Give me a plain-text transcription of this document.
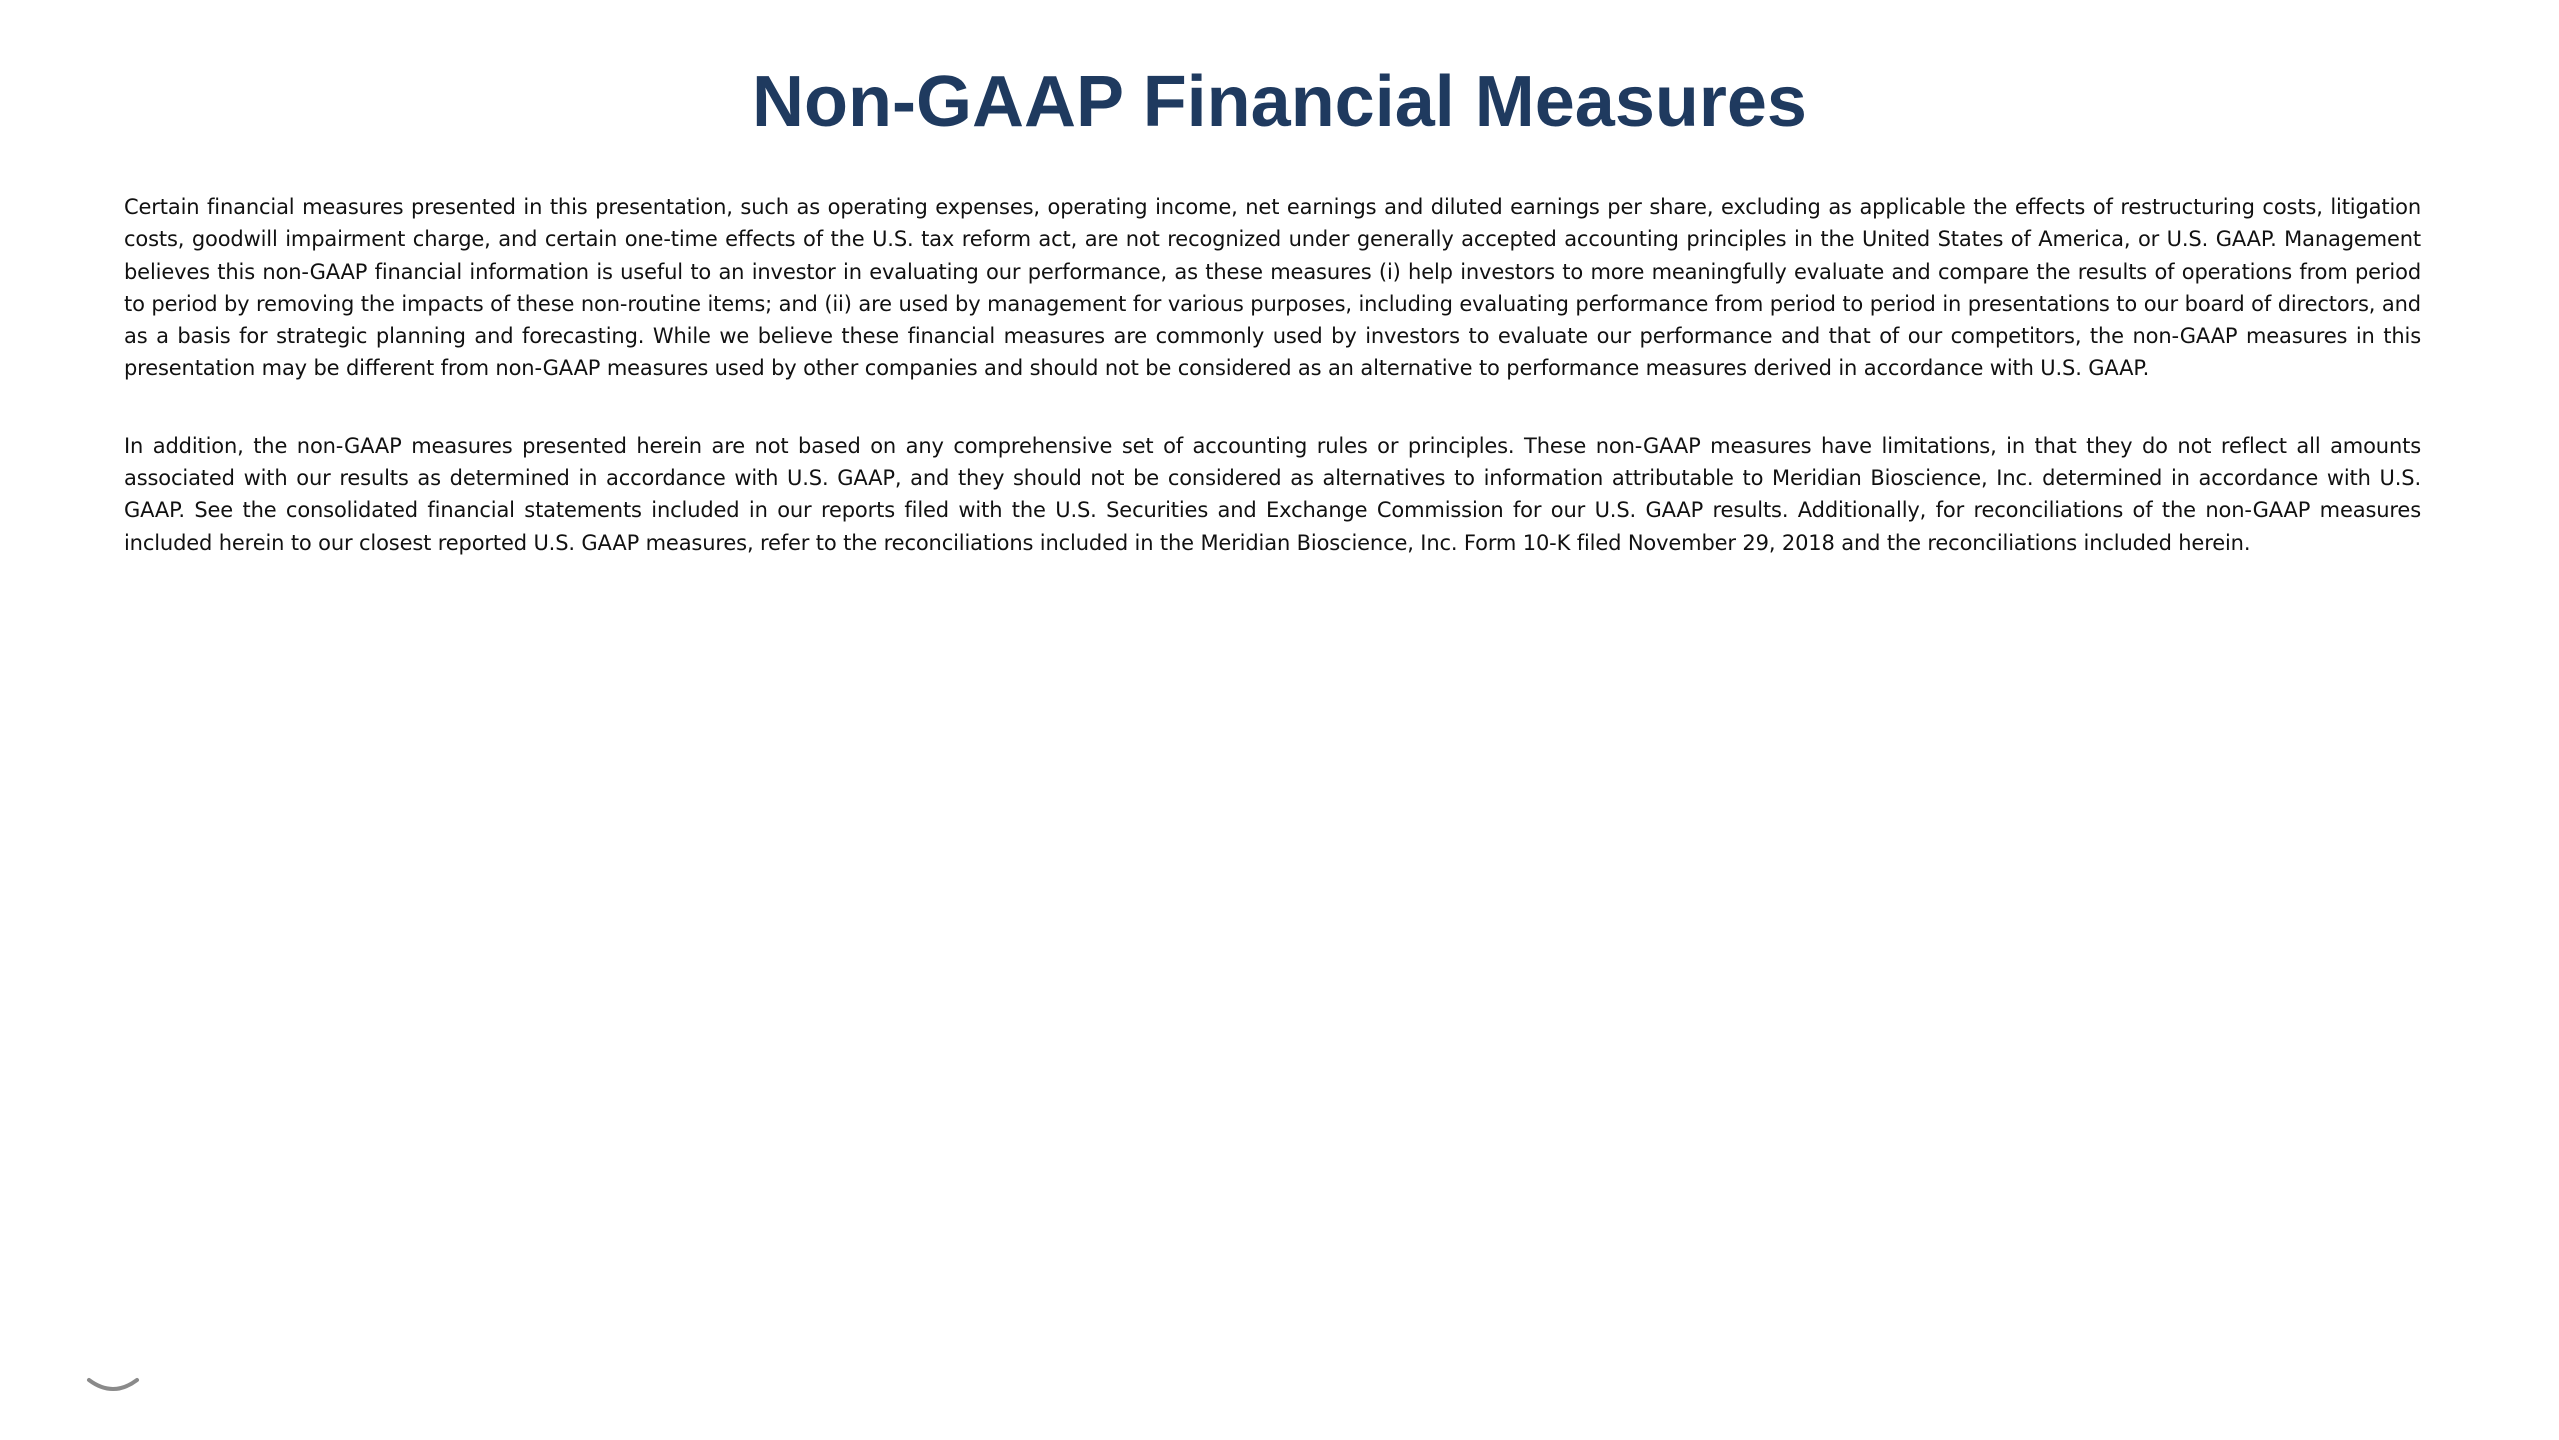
Non-GAAP Financial Measures

Certain financial measures presented in this presentation, such as operating expenses, operating income, net earnings and diluted earnings per share, excluding as applicable the effects of restructuring costs, litigation costs, goodwill impairment charge, and certain one-time effects of the U.S. tax reform act, are not recognized under generally accepted accounting principles in the United States of America, or U.S. GAAP. Management believes this non-GAAP financial information is useful to an investor in evaluating our performance, as these measures (i) help investors to more meaningfully evaluate and compare the results of operations from period to period by removing the impacts of these non-routine items; and (ii) are used by management for various purposes, including evaluating performance from period to period in presentations to our board of directors, and as a basis for strategic planning and forecasting. While we believe these financial measures are commonly used by investors to evaluate our performance and that of our competitors, the non-GAAP measures in this presentation may be different from non-GAAP measures used by other companies and should not be considered as an alternative to performance measures derived in accordance with U.S. GAAP.

In addition, the non-GAAP measures presented herein are not based on any comprehensive set of accounting rules or principles. These non-GAAP measures have limitations, in that they do not reflect all amounts associated with our results as determined in accordance with U.S. GAAP, and they should not be considered as alternatives to information attributable to Meridian Bioscience, Inc. determined in accordance with U.S. GAAP. See the consolidated financial statements included in our reports filed with the U.S. Securities and Exchange Commission for our U.S. GAAP results. Additionally, for reconciliations of the non-GAAP measures included herein to our closest reported U.S. GAAP measures, refer to the reconciliations included in the Meridian Bioscience, Inc. Form 10-K filed November 29, 2018 and the reconciliations included herein.
